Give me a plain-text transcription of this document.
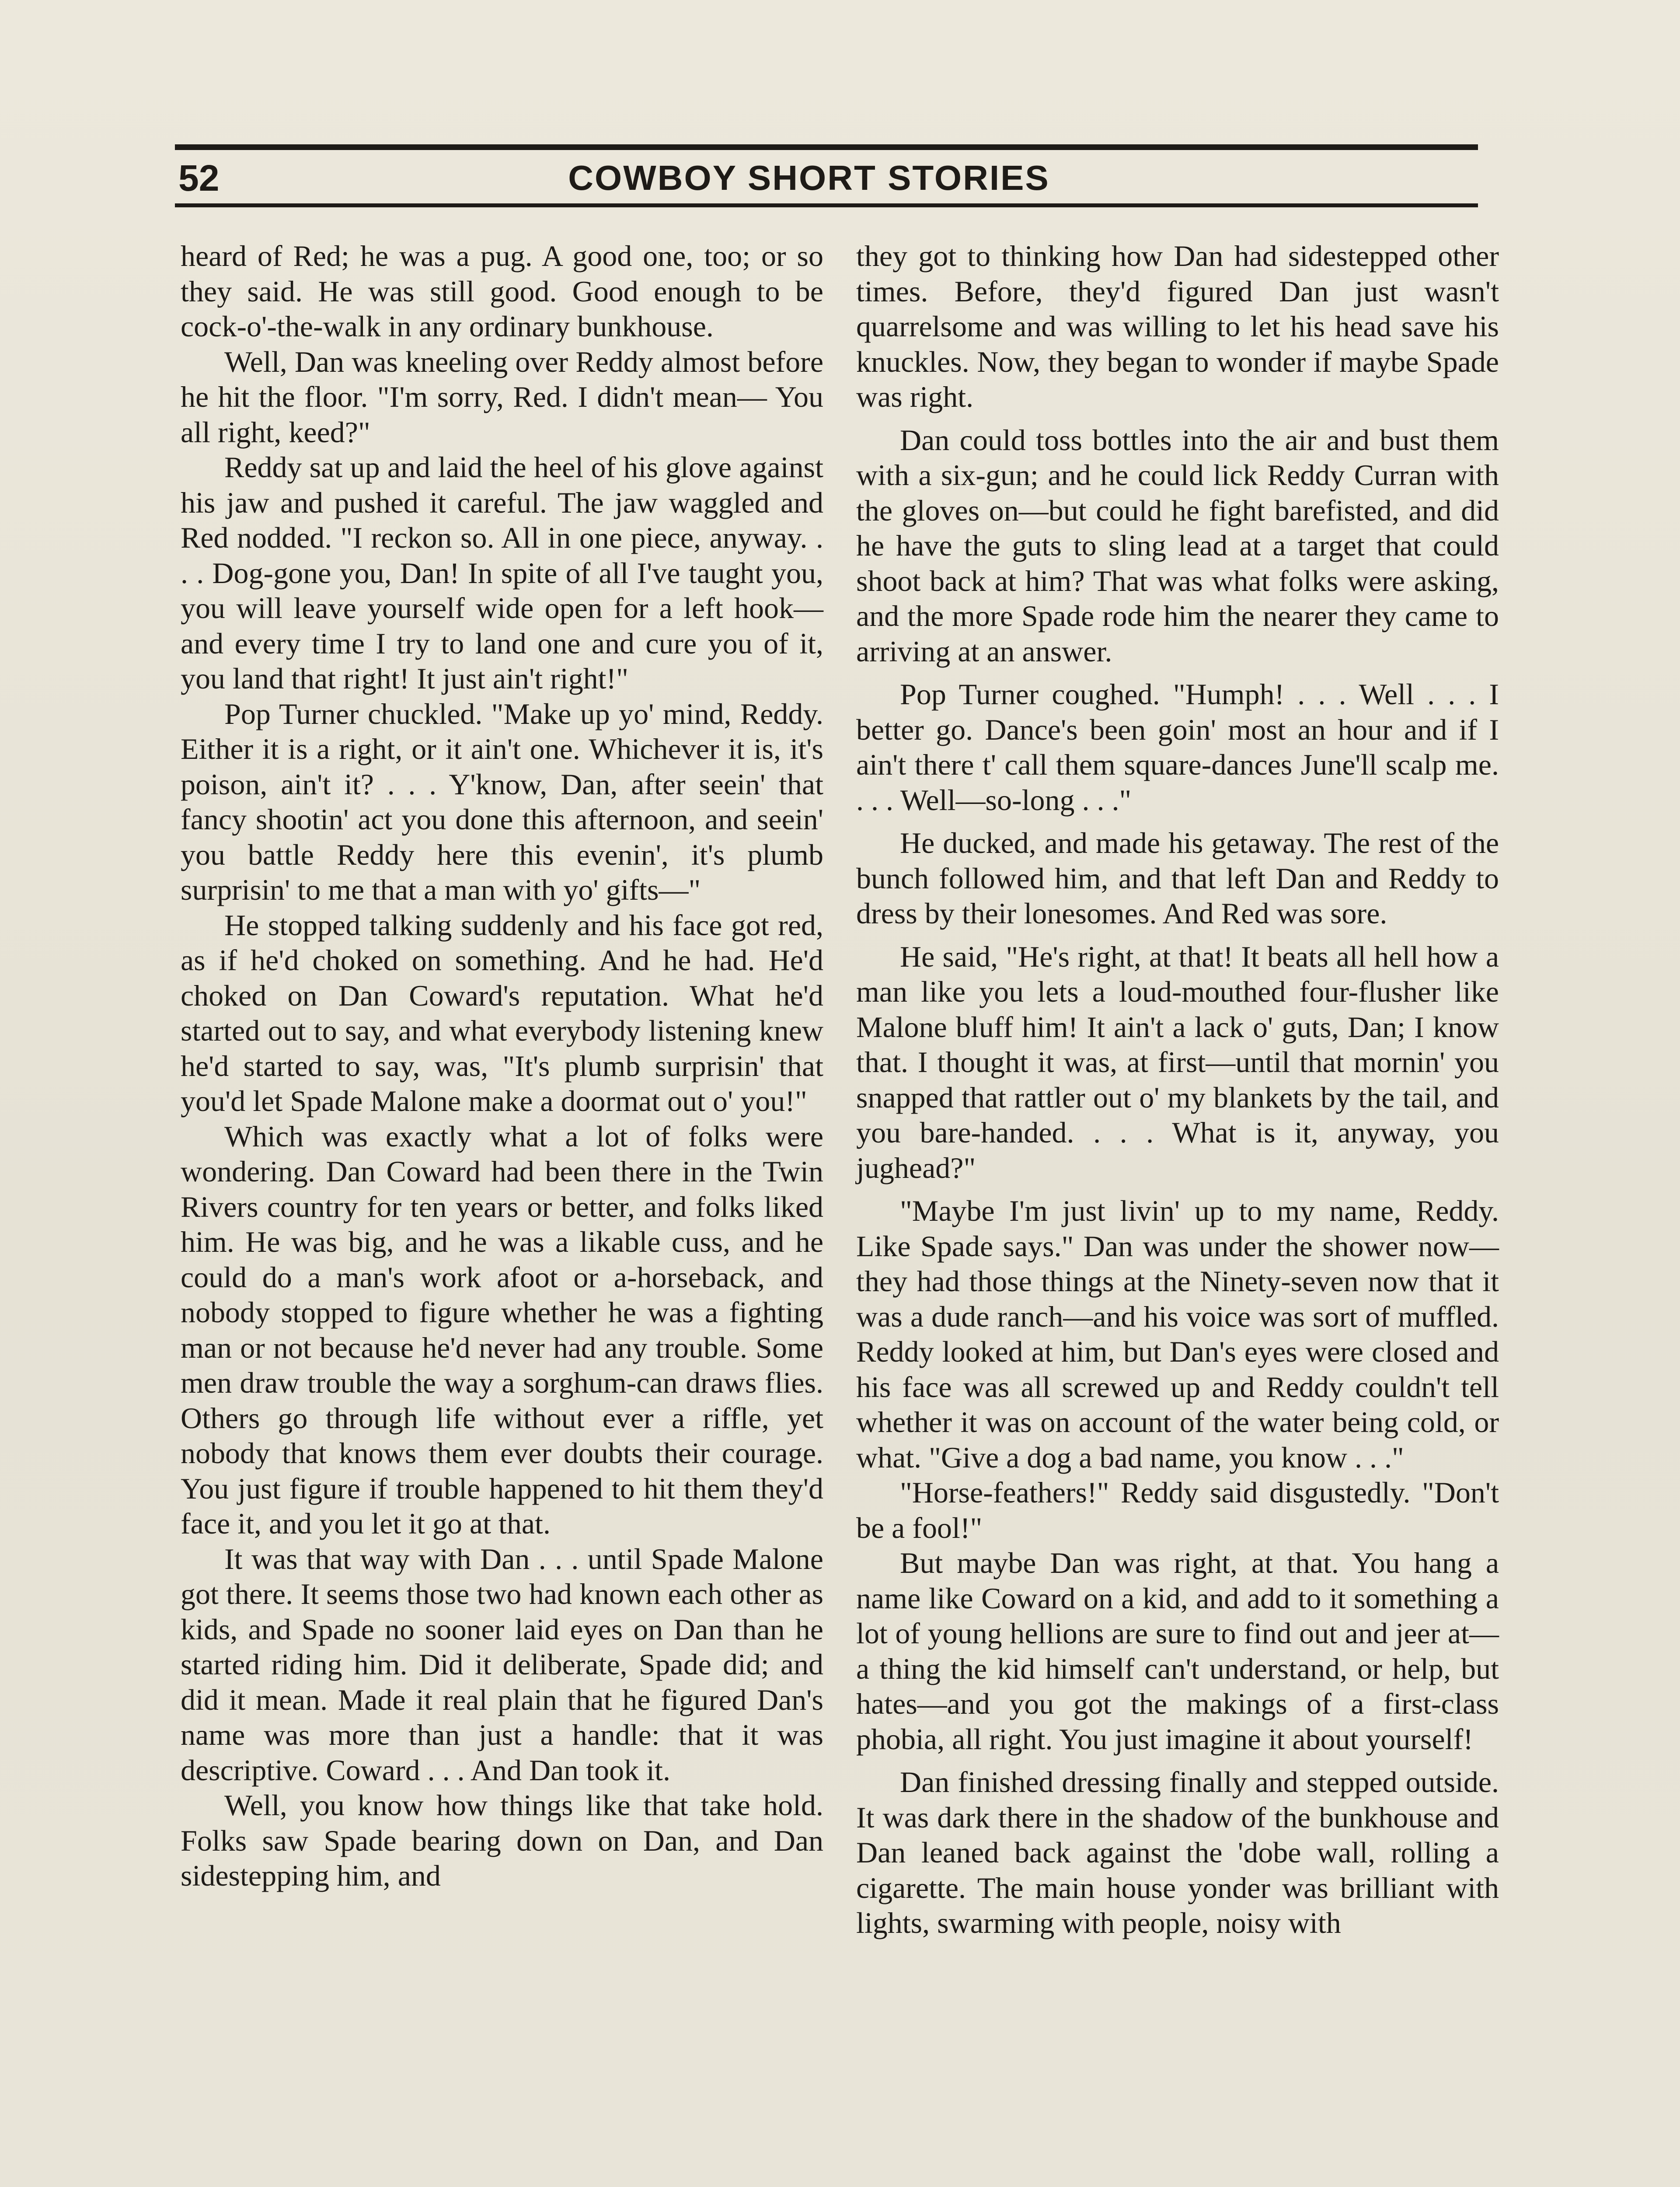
52	COWBOY SHORT STORIES

heard of Red; he was a pug. A good one, too; or so they said. He was still good. Good enough to be cock-o'-the-walk in any ordinary bunkhouse.

Well, Dan was kneeling over Reddy almost before he hit the floor. "I'm sorry, Red. I didn't mean— You all right, keed?"

Reddy sat up and laid the heel of his glove against his jaw and pushed it careful. The jaw waggled and Red nodded. "I reckon so. All in one piece, anyway. . . . Dog-gone you, Dan! In spite of all I've taught you, you will leave yourself wide open for a left hook—and every time I try to land one and cure you of it, you land that right! It just ain't right!"

Pop Turner chuckled. "Make up yo' mind, Reddy. Either it is a right, or it ain't one. Whichever it is, it's poison, ain't it? . . . Y'know, Dan, after seein' that fancy shootin' act you done this afternoon, and seein' you battle Reddy here this evenin', it's plumb surprisin' to me that a man with yo' gifts—"

He stopped talking suddenly and his face got red, as if he'd choked on something. And he had. He'd choked on Dan Coward's reputation. What he'd started out to say, and what everybody listening knew he'd started to say, was, "It's plumb surprisin' that you'd let Spade Malone make a doormat out o' you!"

Which was exactly what a lot of folks were wondering. Dan Coward had been there in the Twin Rivers country for ten years or better, and folks liked him. He was big, and he was a likable cuss, and he could do a man's work afoot or a-horseback, and nobody stopped to figure whether he was a fighting man or not because he'd never had any trouble. Some men draw trouble the way a sorghum-can draws flies. Others go through life without ever a riffle, yet nobody that knows them ever doubts their courage. You just figure if trouble happened to hit them they'd face it, and you let it go at that.

It was that way with Dan . . . until Spade Malone got there. It seems those two had known each other as kids, and Spade no sooner laid eyes on Dan than he started riding him. Did it deliberate, Spade did; and did it mean. Made it real plain that he figured Dan's name was more than just a handle: that it was descriptive. Coward . . . And Dan took it.

Well, you know how things like that take hold. Folks saw Spade bearing down on Dan, and Dan sidestepping him, and

they got to thinking how Dan had sidestepped other times. Before, they'd figured Dan just wasn't quarrelsome and was willing to let his head save his knuckles. Now, they began to wonder if maybe Spade was right.

Dan could toss bottles into the air and bust them with a six-gun; and he could lick Reddy Curran with the gloves on—but could he fight barefisted, and did he have the guts to sling lead at a target that could shoot back at him? That was what folks were asking, and the more Spade rode him the nearer they came to arriving at an answer.

Pop Turner coughed. "Humph! . . . Well . . . I better go. Dance's been goin' most an hour and if I ain't there t' call them square-dances June'll scalp me. . . . Well—so-long . . ."

He ducked, and made his getaway. The rest of the bunch followed him, and that left Dan and Reddy to dress by their lonesomes. And Red was sore.

He said, "He's right, at that! It beats all hell how a man like you lets a loud-mouthed four-flusher like Malone bluff him! It ain't a lack o' guts, Dan; I know that. I thought it was, at first—until that mornin' you snapped that rattler out o' my blankets by the tail, and you bare-handed. . . . What is it, anyway, you jughead?"

"Maybe I'm just livin' up to my name, Reddy. Like Spade says." Dan was under the shower now—they had those things at the Ninety-seven now that it was a dude ranch—and his voice was sort of muffled. Reddy looked at him, but Dan's eyes were closed and his face was all screwed up and Reddy couldn't tell whether it was on account of the water being cold, or what. "Give a dog a bad name, you know . . ."

"Horse-feathers!" Reddy said disgustedly. "Don't be a fool!"

But maybe Dan was right, at that. You hang a name like Coward on a kid, and add to it something a lot of young hellions are sure to find out and jeer at—a thing the kid himself can't understand, or help, but hates—and you got the makings of a first-class phobia, all right. You just imagine it about yourself!

Dan finished dressing finally and stepped outside. It was dark there in the shadow of the bunkhouse and Dan leaned back against the 'dobe wall, rolling a cigarette. The main house yonder was brilliant with lights, swarming with people, noisy with
